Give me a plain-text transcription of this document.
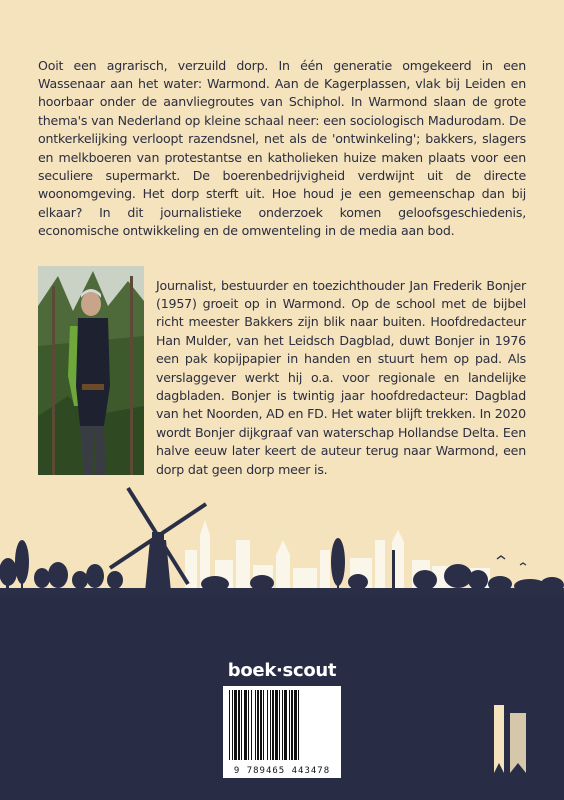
Ooit een agrarisch, verzuild dorp. In één generatie omgekeerd in een Wassenaar aan het water: Warmond. Aan de Kagerplassen, vlak bij Leiden en hoorbaar onder de aanvliegroutes van Schiphol. In Warmond slaan de grote thema's van Nederland op kleine schaal neer: een sociologisch Madurodam. De ontkerkelijking verloopt razendsnel, net als de 'ontwinkeling'; bakkers, slagers en melkboeren van protestantse en katholieken huize maken plaats voor een seculiere supermarkt. De boerenbedrijvigheid verdwijnt uit de directe woonomgeving. Het dorp sterft uit. Hoe houd je een gemeenschap dan bij elkaar? In dit journalistieke onderzoek komen geloofsgeschiedenis, economische ontwikkeling en de omwenteling in de media aan bod.

Journalist, bestuurder en toezichthouder Jan Frederik Bonjer (1957) groeit op in Warmond. Op de school met de bijbel richt meester Bakkers zijn blik naar buiten. Hoofdredacteur Han Mulder, van het Leidsch Dagblad, duwt Bonjer in 1976 een pak kopijpapier in handen en stuurt hem op pad. Als verslaggever werkt hij o.a. voor regionale en landelijke dagbladen. Bonjer is twintig jaar hoofdredacteur: Dagblad van het Noorden, AD en FD. Het water blijft trekken. In 2020 wordt Bonjer dijkgraaf van waterschap Hollandse Delta. Een halve eeuw later keert de auteur terug naar Warmond, een dorp dat geen dorp meer is.

boek·scout
9 789465 443478
